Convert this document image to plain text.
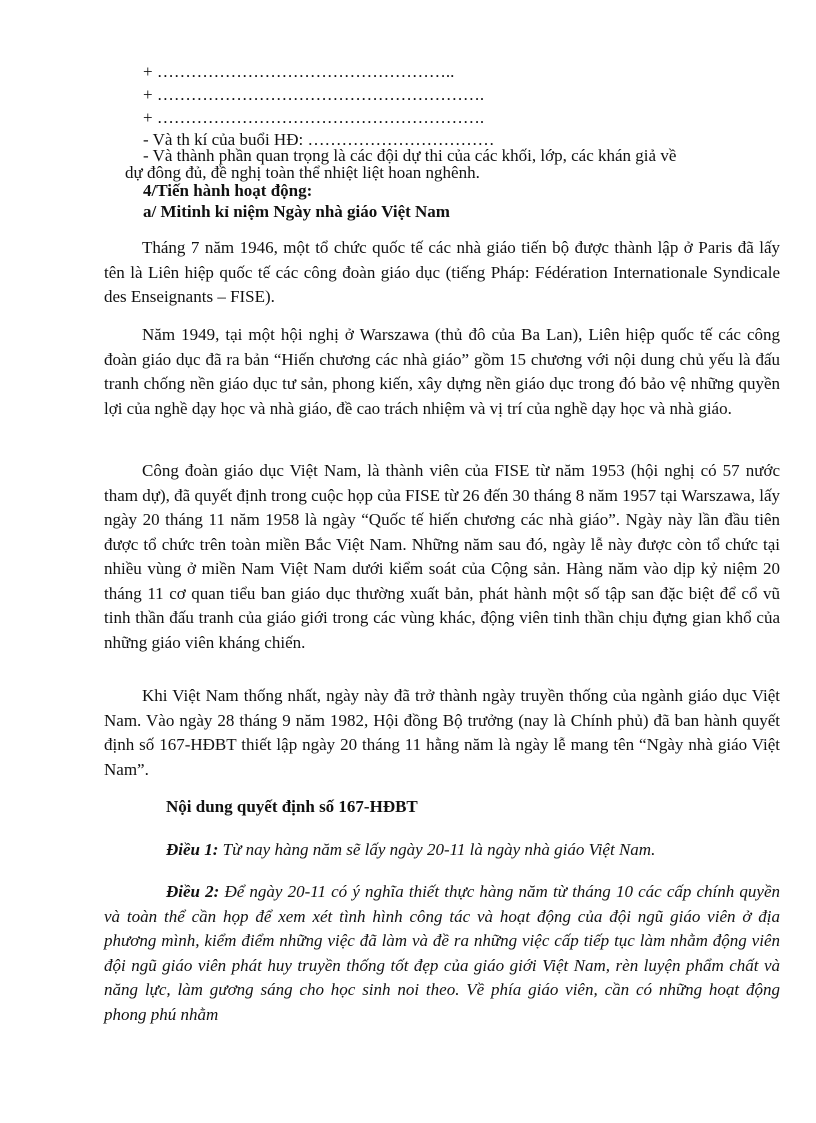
+ ……………………………………………..
+ ………………………………………………….
+ ………………………………………………….
- Và th kí của buổi HĐ: ……………………………
- Và thành phần quan trọng là các đội dự thi của các khối, lớp, các khán giả về
dự đông đủ, đề nghị toàn thể nhiệt liệt hoan nghênh.
4/Tiến hành hoạt động:
a/ Mitinh kỉ niệm Ngày nhà giáo Việt Nam
Tháng 7 năm 1946, một tổ chức quốc tế các nhà giáo tiến bộ được thành lập ở Paris đã lấy tên là Liên hiệp quốc tế các công đoàn giáo dục (tiếng Pháp: Fédération Internationale Syndicale des Enseignants – FISE).
Năm 1949, tại một hội nghị ở Warszawa (thủ đô của Ba Lan), Liên hiệp quốc tế các công đoàn giáo dục đã ra bản “Hiến chương các nhà giáo” gồm 15 chương với nội dung chủ yếu là đấu tranh chống nền giáo dục tư sản, phong kiến, xây dựng nền giáo dục trong đó bảo vệ những quyền lợi của nghề dạy học và nhà giáo, đề cao trách nhiệm và vị trí của nghề dạy học và nhà giáo.
Công đoàn giáo dục Việt Nam, là thành viên của FISE từ năm 1953 (hội nghị có 57 nước tham dự), đã quyết định trong cuộc họp của FISE từ 26 đến 30 tháng 8 năm 1957 tại Warszawa, lấy ngày 20 tháng 11 năm 1958 là ngày “Quốc tế hiến chương các nhà giáo”. Ngày này lần đầu tiên được tổ chức trên toàn miền Bắc Việt Nam. Những năm sau đó, ngày lễ này được còn tổ chức tại nhiều vùng ở miền Nam Việt Nam dưới kiểm soát của Cộng sản. Hàng năm vào dịp kỷ niệm 20 tháng 11 cơ quan tiểu ban giáo dục thường xuất bản, phát hành một số tập san đặc biệt để cổ vũ tinh thần đấu tranh của giáo giới trong các vùng khác, động viên tinh thần chịu đựng gian khổ của những giáo viên kháng chiến.
Khi Việt Nam thống nhất, ngày này đã trở thành ngày truyền thống của ngành giáo dục Việt Nam. Vào ngày 28 tháng 9 năm 1982, Hội đồng Bộ trưởng (nay là Chính phủ) đã ban hành quyết định số 167-HĐBT thiết lập ngày 20 tháng 11 hằng năm là ngày lễ mang tên “Ngày nhà giáo Việt Nam”.
Nội dung quyết định số 167-HĐBT
Điều 1: Từ nay hàng năm sẽ lấy ngày 20-11 là ngày nhà giáo Việt Nam.
Điều 2: Để ngày 20-11 có ý nghĩa thiết thực hàng năm từ tháng 10 các cấp chính quyền và toàn thể cần họp để xem xét tình hình công tác và hoạt động của đội ngũ giáo viên ở địa phương mình, kiểm điểm những việc đã làm và đề ra những việc cấp tiếp tục làm nhằm động viên đội ngũ giáo viên phát huy truyền thống tốt đẹp của giáo giới Việt Nam, rèn luyện phẩm chất và năng lực, làm gương sáng cho học sinh noi theo. Về phía giáo viên, cần có những hoạt động phong phú nhằm
